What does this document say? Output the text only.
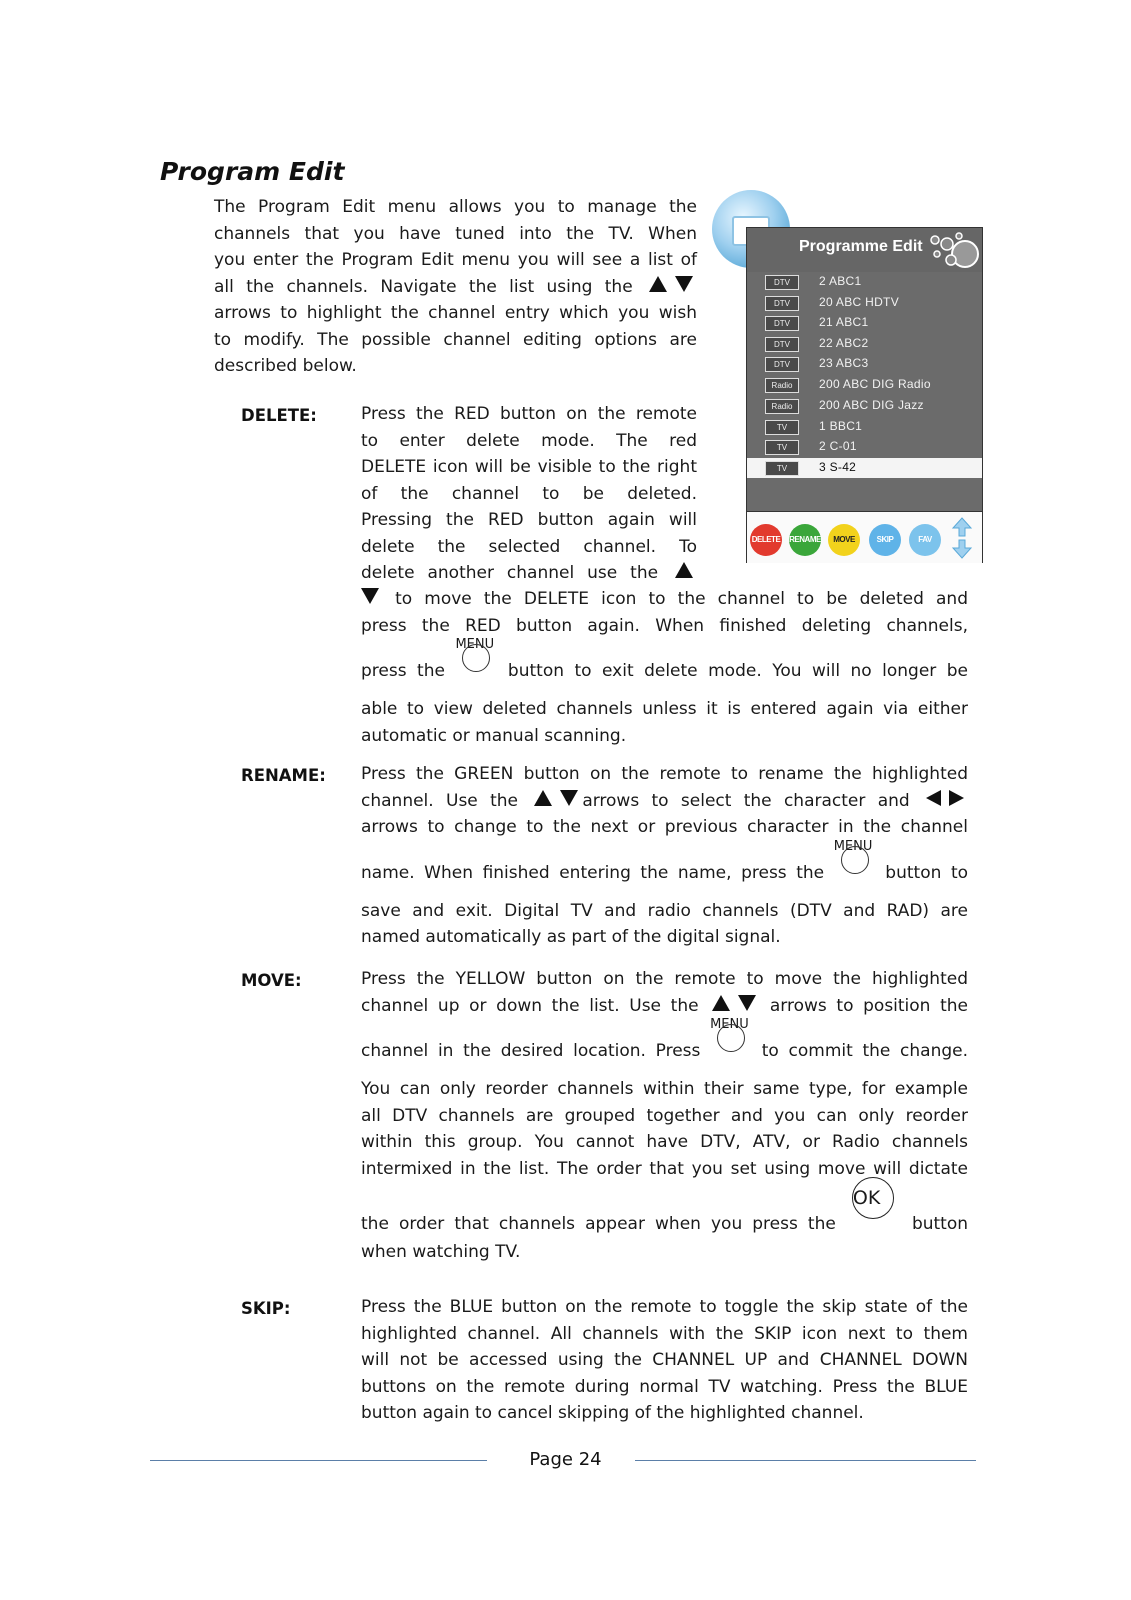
Program Edit
The Program Edit menu allows you to manage the
channels that you have tuned into the TV. When
you enter the Program Edit menu you will see a list of
all the channels. Navigate the list using the
arrows to highlight the channel entry which you wish
to modify. The possible channel editing options are
described below.
Programme Edit
DTV	2 ABC1
DTV	20 ABC HDTV
DTV	21 ABC1
DTV	22 ABC2
DTV	23 ABC3
Radio	200 ABC DIG Radio
Radio	200 ABC DIG Jazz
TV	1 BBC1
TV	2 C-01
TV	3 S-42
DELETE RENAME	MOVE	SKIP	FAV
DELETE:	Press the RED button on the remote
to enter delete mode. The red
DELETE icon will be visible to the right
of the channel to be deleted.
Pressing the RED button again will
delete the selected channel. To
delete another channel use the
to move the DELETE icon to the channel to be deleted and
press the RED button again. When finished deleting channels,
press the
MENU
button to exit delete mode. You will no longer be
able to view deleted channels unless it is entered again via either
automatic or manual scanning.
RENAME: Press the GREEN button on the remote to rename the highlighted
channel. Use the	arrows to select the character and
arrows to change to the next or previous character in the channel
name. When finished entering the name, press the
MENU
button to
save and exit. Digital TV and radio channels (DTV and RAD) are
named automatically as part of the digital signal.
MOVE:	Press the YELLOW button on the remote to move the highlighted
channel up or down the list. Use the	arrows to position the
channel in the desired location. Press
MENU
to commit the change.
You can only reorder channels within their same type, for example
all DTV channels are grouped together and you can only reorder
within this group. You cannot have DTV, ATV, or Radio channels
intermixed in the list. The order that you set using move will dictate
the order that channels appear when you press the
OK
button
when watching TV.
SKIP:	Press the BLUE button on the remote to toggle the skip state of the
highlighted channel. All channels with the SKIP icon next to them
will not be accessed using the CHANNEL UP and CHANNEL DOWN
buttons on the remote during normal TV watching. Press the BLUE
button again to cancel skipping of the highlighted channel.
Page 24
